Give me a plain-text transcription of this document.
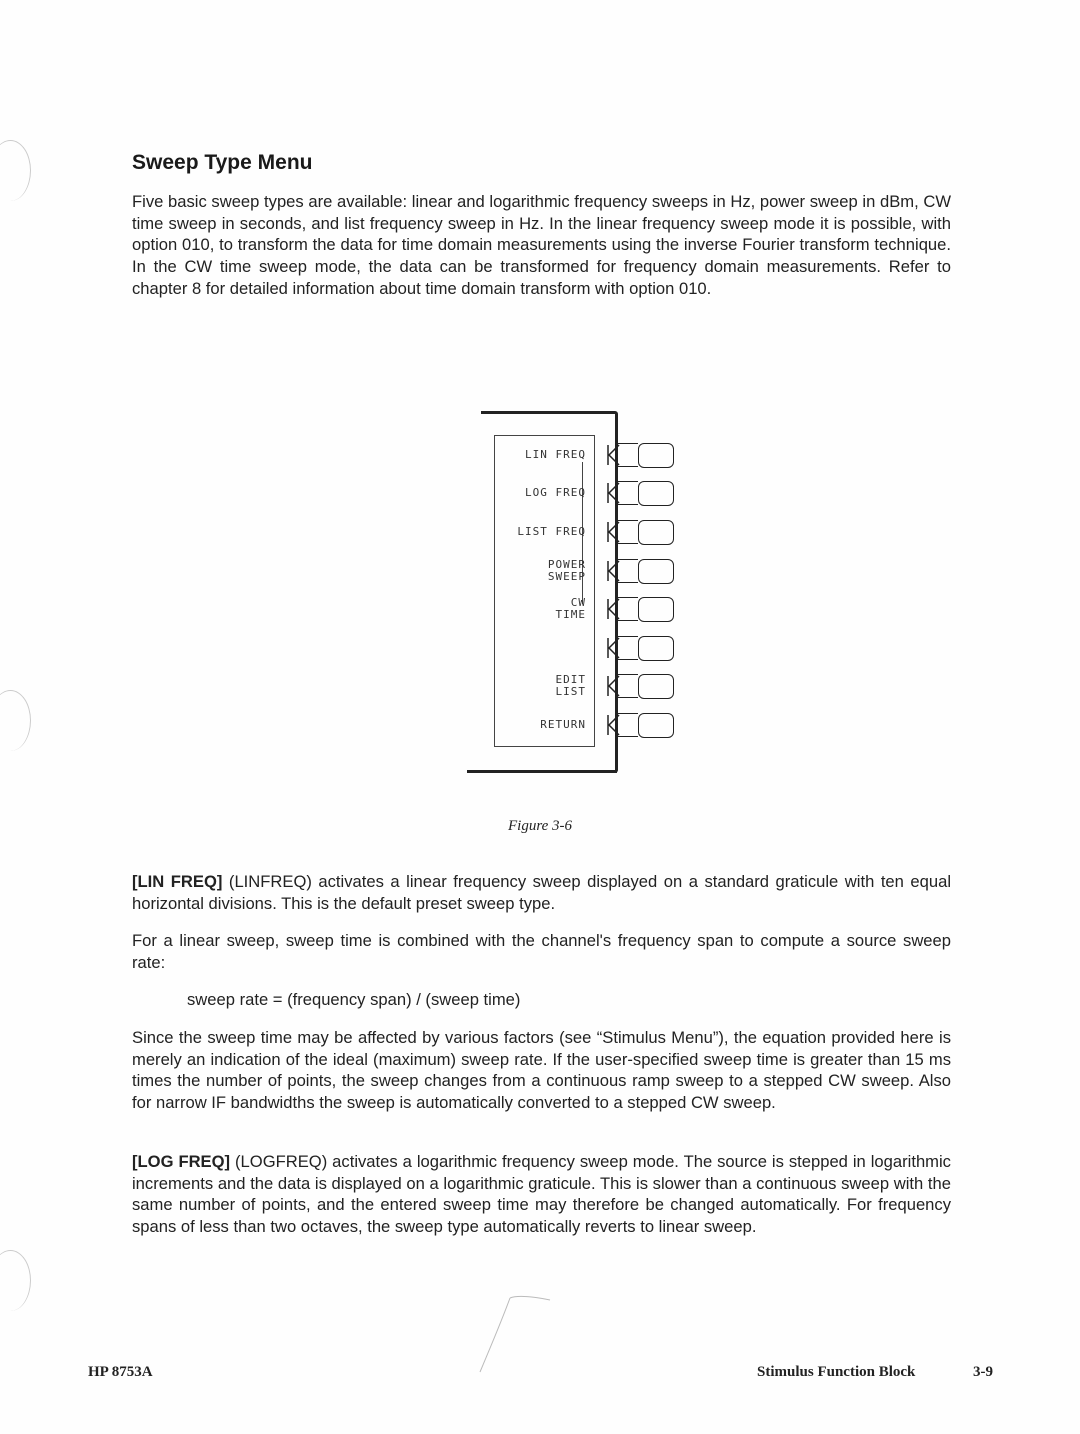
Sweep Type Menu

Five basic sweep types are available: linear and logarithmic frequency sweeps in Hz, power sweep in dBm, CW time sweep in seconds, and list frequency sweep in Hz. In the linear frequency sweep mode it is possible, with option 010, to transform the data for time domain measurements using the inverse Fourier transform technique. In the CW time sweep mode, the data can be transformed for frequency domain measurements. Refer to chapter 8 for detailed information about time domain transform with option 010.

LIN FREQ
LOG FREQ
LIST FREQ
POWER
SWEEP
CW
TIME
EDIT
LIST
RETURN
Figure 3-6

[LIN FREQ] (LINFREQ) activates a linear frequency sweep displayed on a standard graticule with ten equal horizontal divisions. This is the default preset sweep type.

For a linear sweep, sweep time is combined with the channel's frequency span to compute a source sweep rate:

sweep rate = (frequency span) / (sweep time)

Since the sweep time may be affected by various factors (see “Stimulus Menu”), the equation provided here is merely an indication of the ideal (maximum) sweep rate. If the user-specified sweep time is greater than 15 ms times the number of points, the sweep changes from a continuous ramp sweep to a stepped CW sweep. Also for narrow IF bandwidths the sweep is automatically converted to a stepped CW sweep.

[LOG FREQ] (LOGFREQ) activates a logarithmic frequency sweep mode. The source is stepped in logarithmic increments and the data is displayed on a logarithmic graticule. This is slower than a continuous sweep with the same number of points, and the entered sweep time may therefore be changed automatically. For frequency spans of less than two octaves, the sweep type automatically reverts to linear sweep.

HP 8753A	Stimulus Function Block	3-9
